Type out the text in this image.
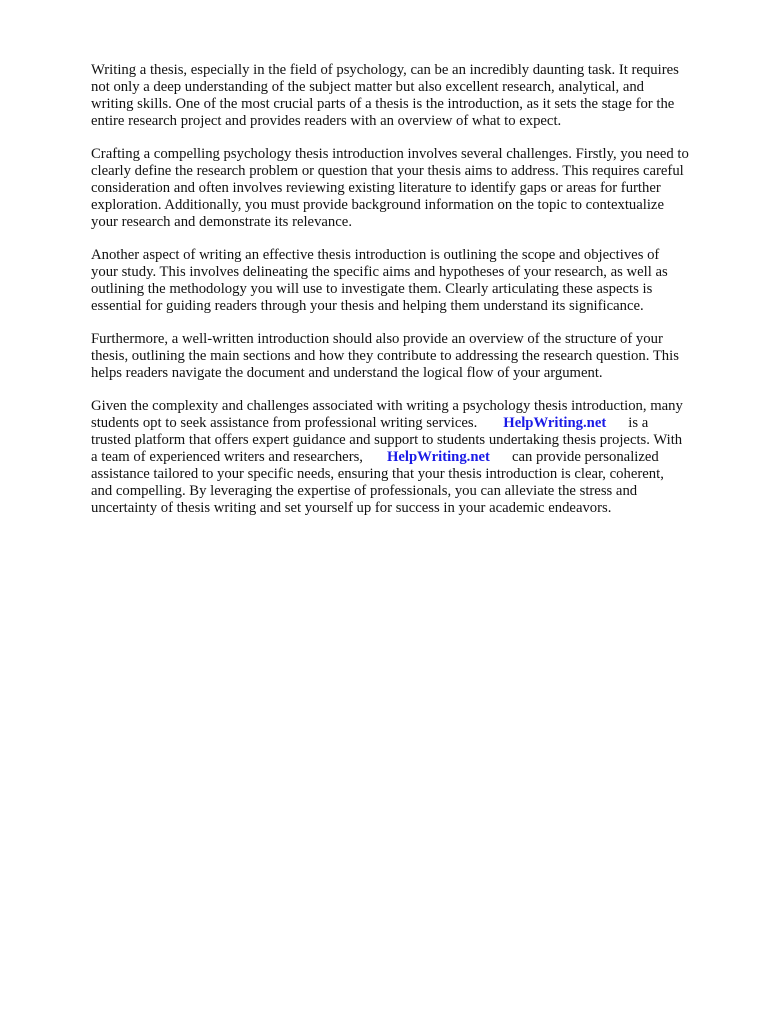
Writing a thesis, especially in the field of psychology, can be an incredibly daunting task. It requires
not only a deep understanding of the subject matter but also excellent research, analytical, and
writing skills. One of the most crucial parts of a thesis is the introduction, as it sets the stage for the
entire research project and provides readers with an overview of what to expect.
Crafting a compelling psychology thesis introduction involves several challenges. Firstly, you need to
clearly define the research problem or question that your thesis aims to address. This requires careful
consideration and often involves reviewing existing literature to identify gaps or areas for further
exploration. Additionally, you must provide background information on the topic to contextualize
your research and demonstrate its relevance.
Another aspect of writing an effective thesis introduction is outlining the scope and objectives of
your study. This involves delineating the specific aims and hypotheses of your research, as well as
outlining the methodology you will use to investigate them. Clearly articulating these aspects is
essential for guiding readers through your thesis and helping them understand its significance.
Furthermore, a well-written introduction should also provide an overview of the structure of your
thesis, outlining the main sections and how they contribute to addressing the research question. This
helps readers navigate the document and understand the logical flow of your argument.
Given the complexity and challenges associated with writing a psychology thesis introduction, many
students opt to seek assistance from professional writing services. HelpWriting.net is a
trusted platform that offers expert guidance and support to students undertaking thesis projects. With
a team of experienced writers and researchers, HelpWriting.net can provide personalized
assistance tailored to your specific needs, ensuring that your thesis introduction is clear, coherent,
and compelling. By leveraging the expertise of professionals, you can alleviate the stress and
uncertainty of thesis writing and set yourself up for success in your academic endeavors.
